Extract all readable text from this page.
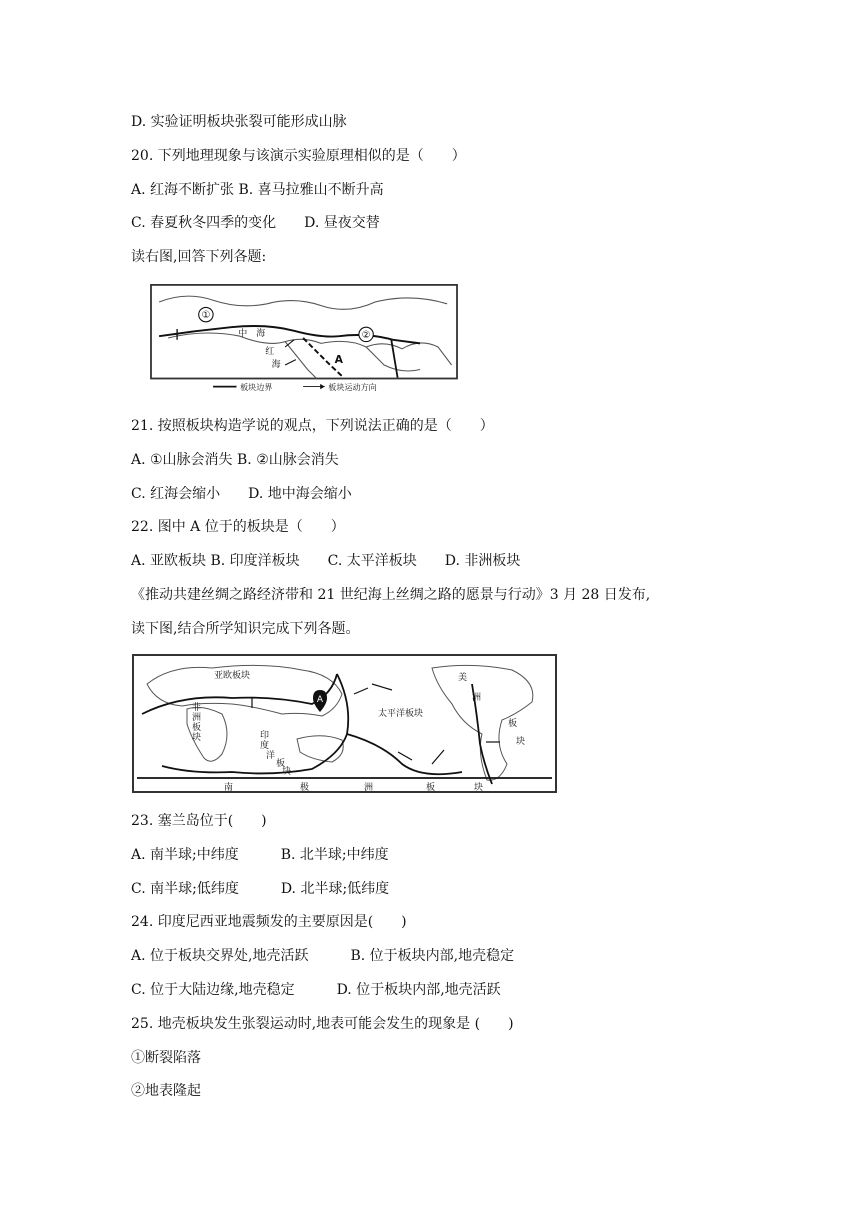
D. 实验证明板块张裂可能形成山脉
20. 下列地理现象与该演示实验原理相似的是（　　）
A. 红海不断扩张 B. 喜马拉雅山不断升高
C. 春夏秋冬四季的变化　　D. 昼夜交替
读右图,回答下列各题:
①
②
中　海
红
海	A
板块边界	板块运动方向
21. 按照板块构造学说的观点，下列说法正确的是（　　）
A. ①山脉会消失 B. ②山脉会消失
C. 红海会缩小　　D. 地中海会缩小
22. 图中 A 位于的板块是（　　）
A. 亚欧板块 B. 印度洋板块　　C. 太平洋板块　　D. 非洲板块
《推动共建丝绸之路经济带和 21 世纪海上丝绸之路的愿景与行动》3 月 28 日发布,
读下图,结合所学知识完成下列各题。
A
亚欧板块
非
洲
板
块	印
度
洋
板
块
太平洋板块
美
洲
板
块
南	极	洲	板	块
23. 塞兰岛位于(　　)
A. 南半球;中纬度　　　B. 北半球;中纬度
C. 南半球;低纬度　　　D. 北半球;低纬度
24. 印度尼西亚地震频发的主要原因是(　　)
A. 位于板块交界处,地壳活跃　　　B. 位于板块内部,地壳稳定
C. 位于大陆边缘,地壳稳定　　　D. 位于板块内部,地壳活跃
25. 地壳板块发生张裂运动时,地表可能会发生的现象是 (　　)
①断裂陷落
②地表隆起
